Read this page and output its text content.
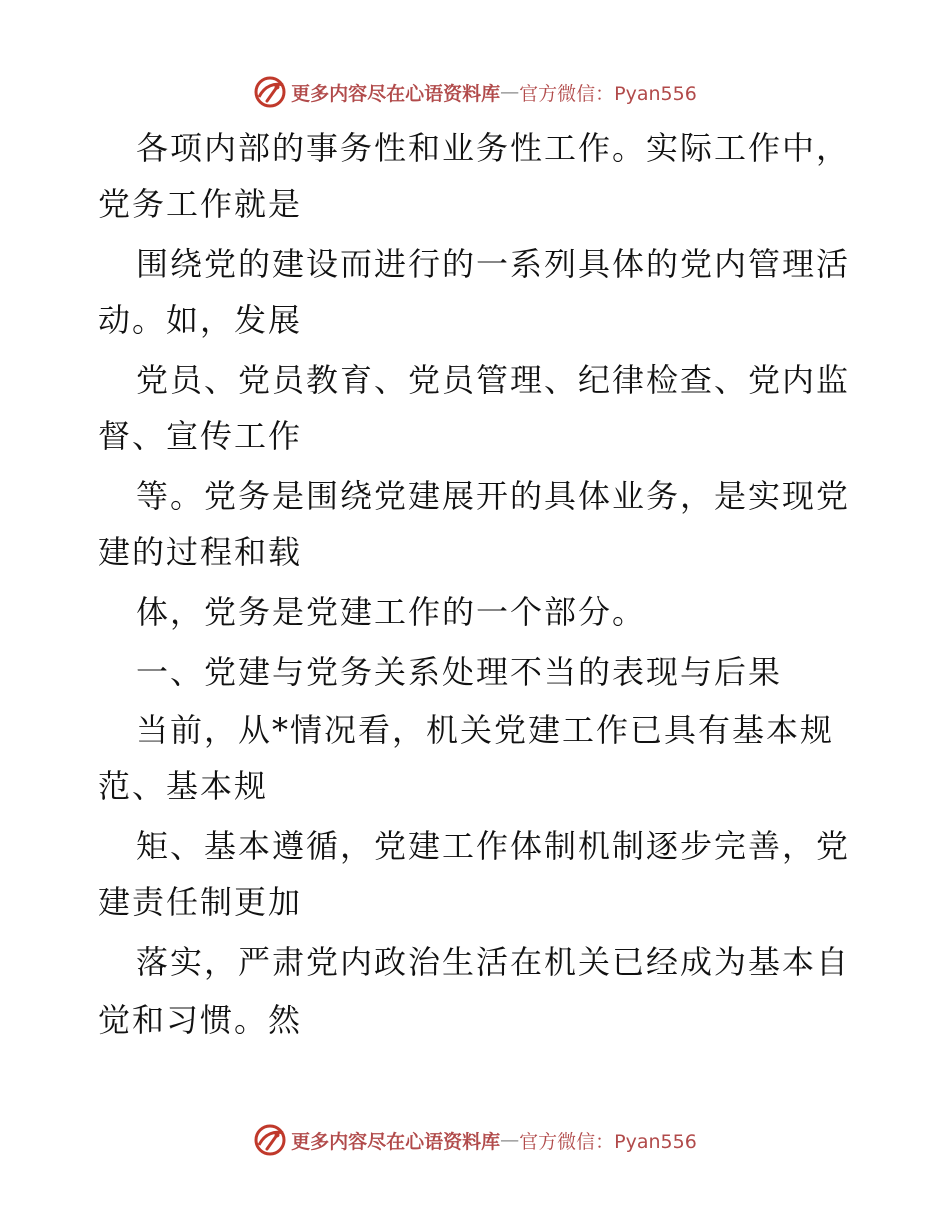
更多内容尽在心语资料库 — 官方微信：Pyan556
各项内部的事务性和业务性工作。实际工作中，
党务工作就是
围绕党的建设而进行的一系列具体的党内管理活
动。如，发展
党员、党员教育、党员管理、纪律检查、党内监
督、宣传工作
等。党务是围绕党建展开的具体业务，是实现党
建的过程和载
体，党务是党建工作的一个部分。
一、党建与党务关系处理不当的表现与后果
当前，从*情况看，机关党建工作已具有基本规
范、基本规
矩、基本遵循，党建工作体制机制逐步完善，党
建责任制更加
落实，严肃党内政治生活在机关已经成为基本自
觉和习惯。然
更多内容尽在心语资料库 — 官方微信：Pyan556
